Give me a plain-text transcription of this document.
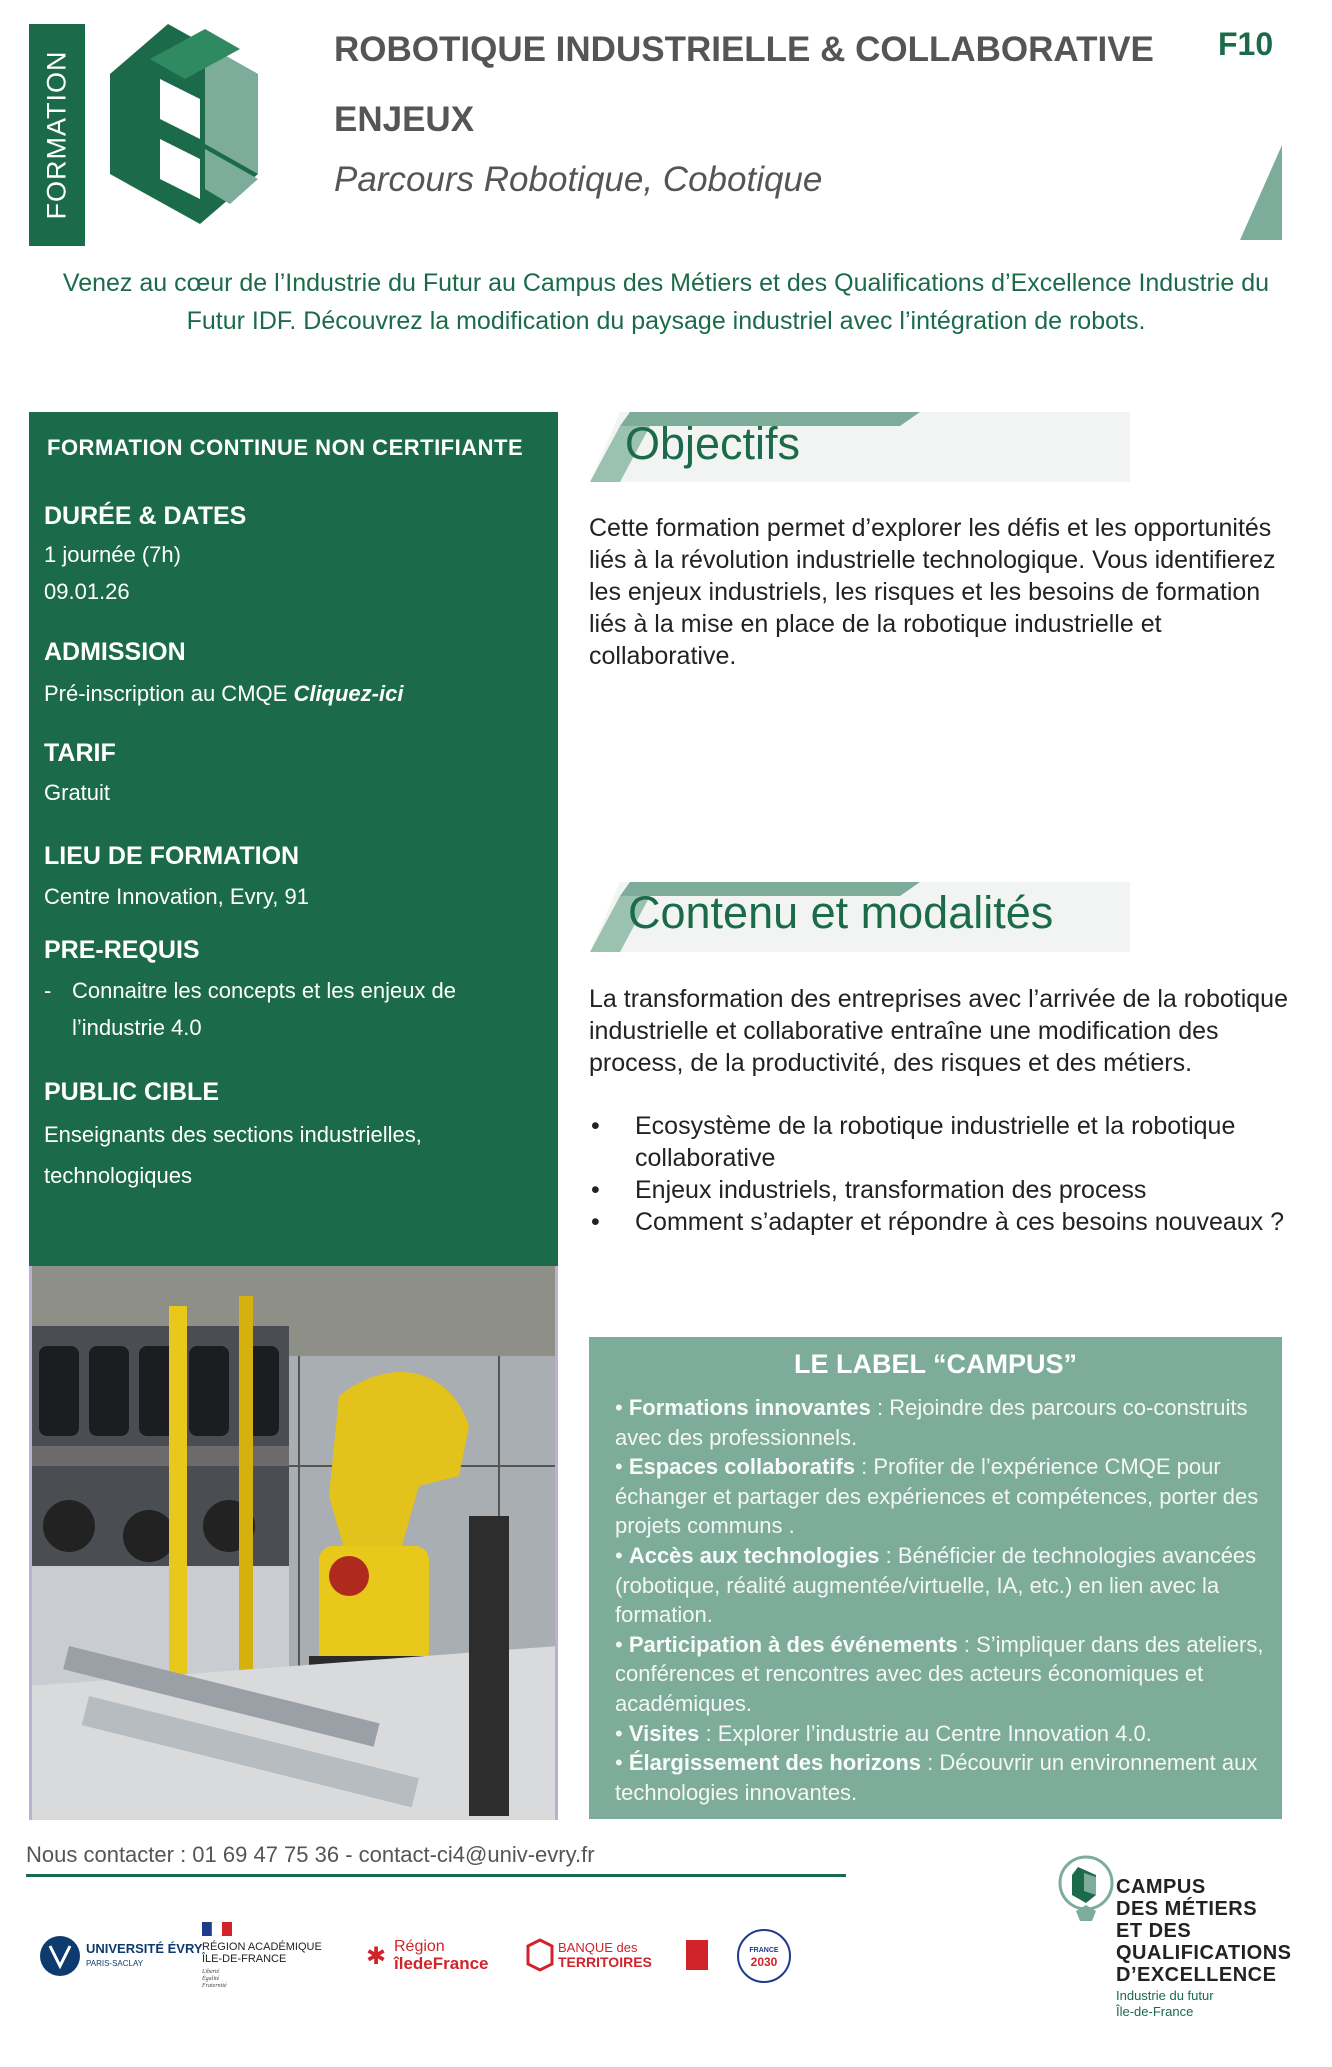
FORMATION
ROBOTIQUE INDUSTRIELLE & COLLABORATIVE F10
ENJEUX
Parcours Robotique, Cobotique
Venez au cœur de l’Industrie du Futur au Campus des Métiers et des Qualifications d’Excellence Industrie du Futur IDF. Découvrez la modification du paysage industriel avec l’intégration de robots.
FORMATION CONTINUE NON CERTIFIANTE
DURÉE & DATES
1 journée (7h)
09.01.26
ADMISSION
Pré-inscription au CMQE Cliquez-ici
TARIF
Gratuit
LIEU DE FORMATION
Centre Innovation, Evry, 91
PRE-REQUIS
- Connaitre les concepts et les enjeux de l’industrie 4.0
PUBLIC CIBLE
Enseignants des sections industrielles,
technologiques
Objectifs
Cette formation permet d’explorer les défis et les opportunités liés à la révolution industrielle technologique. Vous identifierez les enjeux industriels, les risques et les besoins de formation liés à la mise en place de la robotique industrielle et collaborative.
Contenu et modalités
La transformation des entreprises avec l’arrivée de la robotique industrielle et collaborative entraîne une modification des process, de la productivité, des risques et des métiers.
• Ecosystème de la robotique industrielle et la robotique collaborative
• Enjeux industriels, transformation des process
• Comment s’adapter et répondre à ces besoins nouveaux ?
LE LABEL “CAMPUS”
• Formations innovantes : Rejoindre des parcours co-construits avec des professionnels.
• Espaces collaboratifs : Profiter de l’expérience CMQE pour échanger et partager des expériences et compétences, porter des projets communs .
• Accès aux technologies : Bénéficier de technologies avancées (robotique, réalité augmentée/virtuelle, IA, etc.) en lien avec la formation.
• Participation à des événements : S’impliquer dans des ateliers, conférences et rencontres avec des acteurs économiques et académiques.
• Visites : Explorer l’industrie au Centre Innovation 4.0.
• Élargissement des horizons : Découvrir un environnement aux technologies innovantes.
Nous contacter : 01 69 47 75 36 - contact-ci4@univ-evry.fr
UNIVERSITÉ ÉVRY
PARIS-SACLAY
RÉGION ACADÉMIQUE
ÎLE-DE-FRANCE
Liberté
Égalité
Fraternité
✱ Région
îledeFrance
BANQUE des
TERRITOIRES
FRANCE
2030
CAMPUS
DES MÉTIERS
ET DES
QUALIFICATIONS
D’EXCELLENCE
Industrie du futur
Île-de-France
